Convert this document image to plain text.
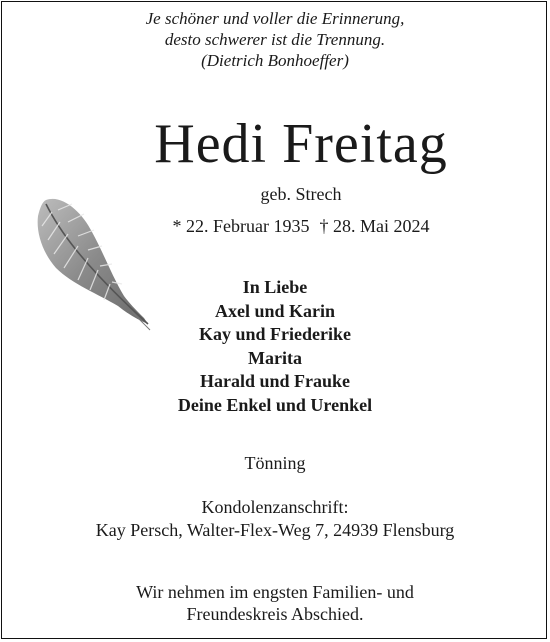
Je schöner und voller die Erinnerung,
desto schwerer ist die Trennung.
(Dietrich Bonhoeffer)
Hedi Freitag
geb. Strech
* 22. Februar 1935 † 28. Mai 2024
In Liebe
Axel und Karin
Kay und Friederike
Marita
Harald und Frauke
Deine Enkel und Urenkel
Tönning
Kondolenzanschrift:
Kay Persch, Walter-Flex-Weg 7, 24939 Flensburg
Wir nehmen im engsten Familien- und
Freundeskreis Abschied.
